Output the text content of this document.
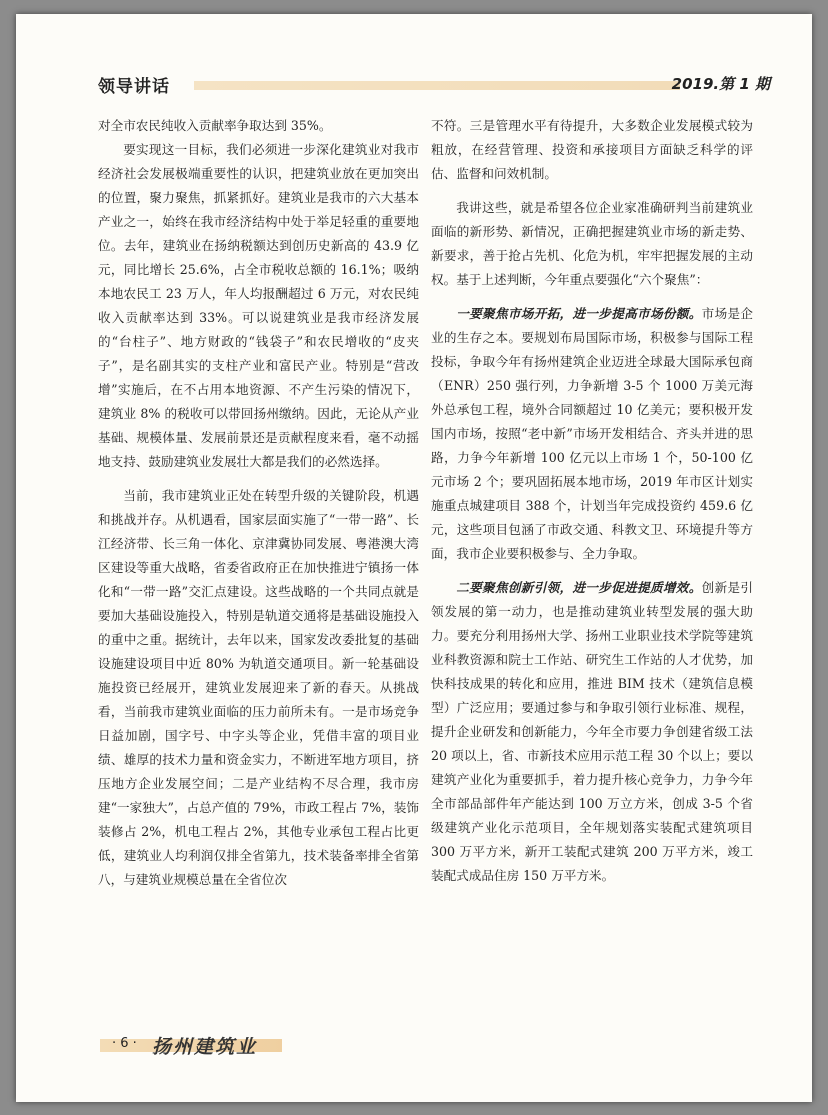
领导讲话	2019.第 1 期

对全市农民纯收入贡献率争取达到 35%。

要实现这一目标，我们必须进一步深化建筑业对我市经济社会发展极端重要性的认识，把建筑业放在更加突出的位置，聚力聚焦，抓紧抓好。建筑业是我市的六大基本产业之一，始终在我市经济结构中处于举足轻重的重要地位。去年，建筑业在扬纳税额达到创历史新高的 43.9 亿元，同比增长 25.6%，占全市税收总额的 16.1%；吸纳本地农民工 23 万人，年人均报酬超过 6 万元，对农民纯收入贡献率达到 33%。可以说建筑业是我市经济发展的“台柱子”、地方财政的“钱袋子”和农民增收的“皮夹子”，是名副其实的支柱产业和富民产业。特别是“营改增”实施后，在不占用本地资源、不产生污染的情况下，建筑业 8% 的税收可以带回扬州缴纳。因此，无论从产业基础、规模体量、发展前景还是贡献程度来看，毫不动摇地支持、鼓励建筑业发展壮大都是我们的必然选择。

当前，我市建筑业正处在转型升级的关键阶段，机遇和挑战并存。从机遇看，国家层面实施了“一带一路”、长江经济带、长三角一体化、京津冀协同发展、粤港澳大湾区建设等重大战略，省委省政府正在加快推进宁镇扬一体化和“一带一路”交汇点建设。这些战略的一个共同点就是要加大基础设施投入，特别是轨道交通将是基础设施投入的重中之重。据统计，去年以来，国家发改委批复的基础设施建设项目中近 80% 为轨道交通项目。新一轮基础设施投资已经展开，建筑业发展迎来了新的春天。从挑战看，当前我市建筑业面临的压力前所未有。一是市场竞争日益加剧，国字号、中字头等企业，凭借丰富的项目业绩、雄厚的技术力量和资金实力，不断进军地方项目，挤压地方企业发展空间；二是产业结构不尽合理，我市房建“一家独大”，占总产值的 79%，市政工程占 7%，装饰装修占 2%，机电工程占 2%，其他专业承包工程占比更低，建筑业人均利润仅排全省第九，技术装备率排全省第八，与建筑业规模总量在全省位次

不符。三是管理水平有待提升，大多数企业发展模式较为粗放，在经营管理、投资和承接项目方面缺乏科学的评估、监督和问效机制。

我讲这些，就是希望各位企业家准确研判当前建筑业面临的新形势、新情况，正确把握建筑业市场的新走势、新要求，善于抢占先机、化危为机，牢牢把握发展的主动权。基于上述判断，今年重点要强化“六个聚焦”：

一要聚焦市场开拓，进一步提高市场份额。市场是企业的生存之本。要规划布局国际市场，积极参与国际工程投标，争取今年有扬州建筑企业迈进全球最大国际承包商（ENR）250 强行列，力争新增 3-5 个 1000 万美元海外总承包工程，境外合同额超过 10 亿美元；要积极开发国内市场，按照“老中新”市场开发相结合、齐头并进的思路，力争今年新增 100 亿元以上市场 1 个，50-100 亿元市场 2 个；要巩固拓展本地市场，2019 年市区计划实施重点城建项目 388 个，计划当年完成投资约 459.6 亿元，这些项目包涵了市政交通、科教文卫、环境提升等方面，我市企业要积极参与、全力争取。

二要聚焦创新引领，进一步促进提质增效。创新是引领发展的第一动力，也是推动建筑业转型发展的强大助力。要充分利用扬州大学、扬州工业职业技术学院等建筑业科教资源和院士工作站、研究生工作站的人才优势，加快科技成果的转化和应用，推进 BIM 技术（建筑信息模型）广泛应用；要通过参与和争取引领行业标准、规程，提升企业研发和创新能力，今年全市要力争创建省级工法 20 项以上，省、市新技术应用示范工程 30 个以上；要以建筑产业化为重要抓手，着力提升核心竞争力，力争今年全市部品部件年产能达到 100 万立方米，创成 3-5 个省级建筑产业化示范项目，全年规划落实装配式建筑项目 300 万平方米，新开工装配式建筑 200 万平方米，竣工装配式成品住房 150 万平方米。

· 6 · 扬州建筑业
